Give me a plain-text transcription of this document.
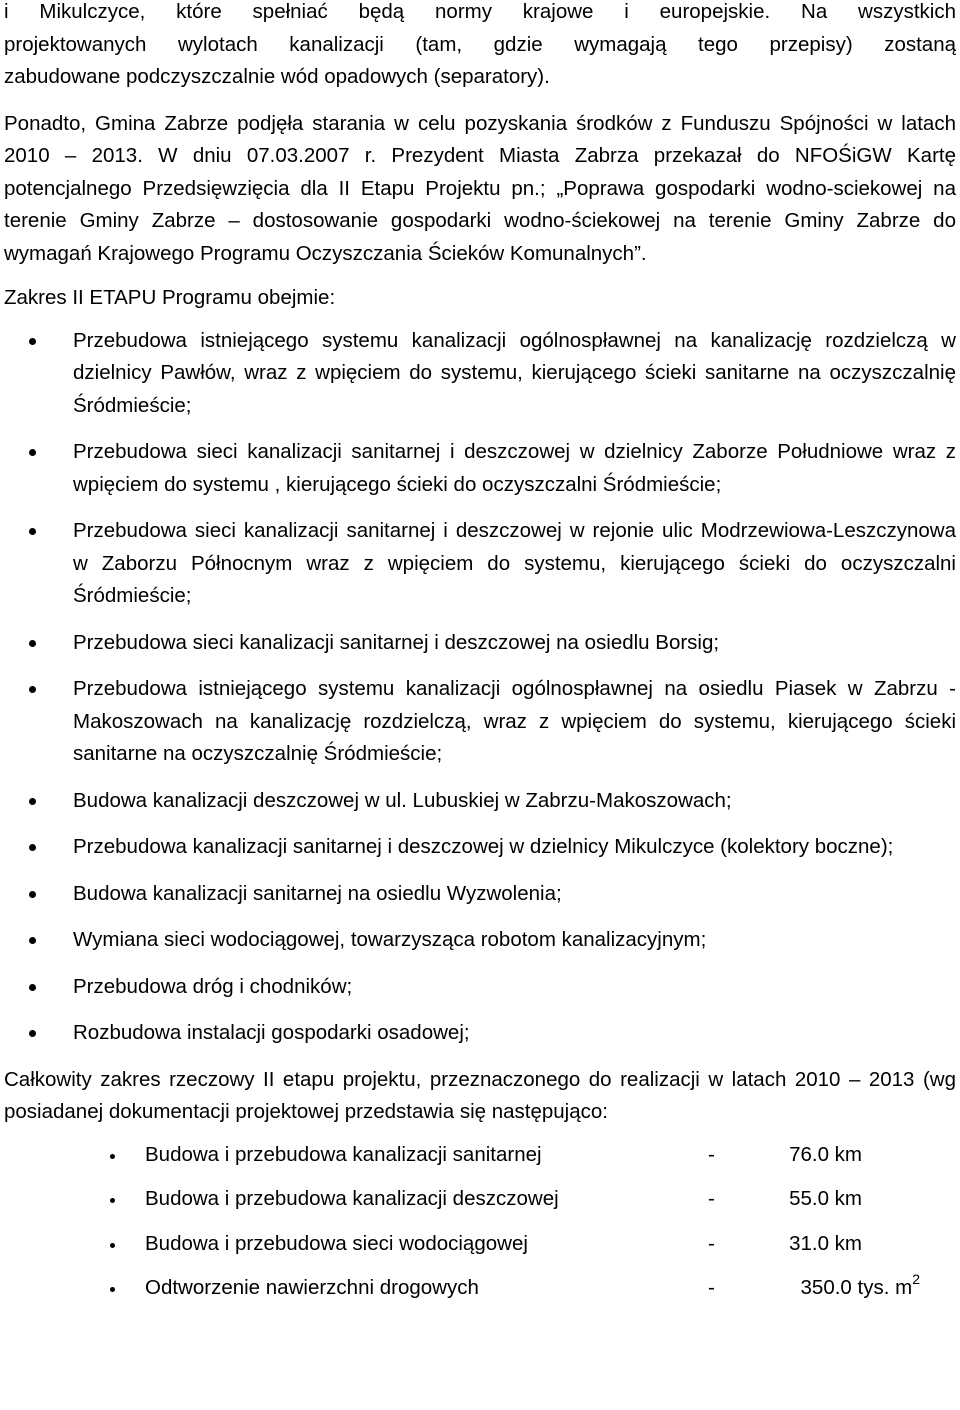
i Mikulczyce, które spełniać będą normy krajowe i europejskie. Na wszystkich

projektowanych wylotach kanalizacji (tam, gdzie wymagają tego przepisy) zostaną

zabudowane podczyszczalnie wód opadowych (separatory).

Ponadto, Gmina Zabrze podjęła starania w celu pozyskania środków z Funduszu Spójności w latach 2010 – 2013. W dniu 07.03.2007 r. Prezydent Miasta Zabrza przekazał do NFOŚiGW Kartę potencjalnego Przedsięwzięcia dla II Etapu Projektu pn.; „Poprawa gospodarki wodno-sciekowej na terenie Gminy Zabrze – dostosowanie gospodarki wodno-ściekowej na terenie Gminy Zabrze do wymagań Krajowego Programu Oczyszczania Ścieków Komunalnych”.

Zakres II ETAPU Programu obejmie:

Przebudowa istniejącego systemu kanalizacji ogólnospławnej na kanalizację rozdzielczą w dzielnicy Pawłów, wraz z wpięciem do systemu, kierującego ścieki sanitarne na oczyszczalnię Śródmieście;
Przebudowa sieci kanalizacji sanitarnej i deszczowej w dzielnicy Zaborze Południowe wraz z wpięciem do systemu , kierującego ścieki do oczyszczalni Śródmieście;
Przebudowa sieci kanalizacji sanitarnej i deszczowej w rejonie ulic Modrzewiowa-Leszczynowa w Zaborzu Północnym wraz z wpięciem do systemu, kierującego ścieki do oczyszczalni Śródmieście;
Przebudowa sieci kanalizacji sanitarnej i deszczowej na osiedlu Borsig;
Przebudowa istniejącego systemu kanalizacji ogólnospławnej na osiedlu Piasek w Zabrzu - Makoszowach na kanalizację rozdzielczą, wraz z wpięciem do systemu, kierującego ścieki sanitarne na oczyszczalnię Śródmieście;
Budowa kanalizacji deszczowej w ul. Lubuskiej w Zabrzu-Makoszowach;
Przebudowa kanalizacji sanitarnej i deszczowej w dzielnicy Mikulczyce (kolektory boczne);
Budowa kanalizacji sanitarnej na osiedlu Wyzwolenia;
Wymiana sieci wodociągowej, towarzysząca robotom kanalizacyjnym;
Przebudowa dróg i chodników;
Rozbudowa instalacji gospodarki osadowej;

Całkowity zakres rzeczowy II etapu projektu, przeznaczonego do realizacji w latach 2010 – 2013 (wg posiadanej dokumentacji projektowej przedstawia się następująco:

Budowa i przebudowa kanalizacji sanitarnej	-	76.0 km
Budowa i przebudowa kanalizacji deszczowej	-	55.0 km
Budowa i przebudowa sieci wodociągowej	-	31.0 km
Odtworzenie nawierzchni drogowych	-	350.0 tys. $m^2$
